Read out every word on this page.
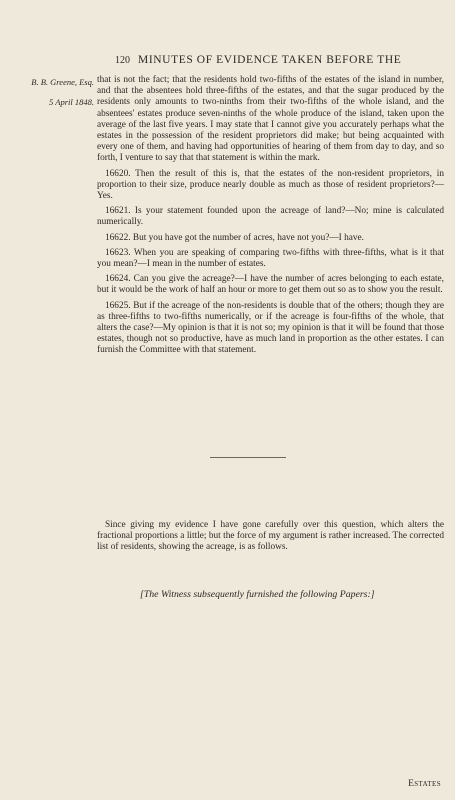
120 MINUTES OF EVIDENCE TAKEN BEFORE THE
B. B. Greene, Esq.
5 April 1848.

that is not the fact; that the residents hold two-fifths of the estates of the island in number, and that the absentees hold three-fifths of the estates, and that the sugar produced by the residents only amounts to two-ninths from their two-fifths of the whole island, and the absentees' estates produce seven-ninths of the whole produce of the island, taken upon the average of the last five years. I may state that I cannot give you accurately perhaps what the estates in the possession of the resident proprietors did make; but being acquainted with every one of them, and having had opportunities of hearing of them from day to day, and so forth, I venture to say that that statement is within the mark.

16620. Then the result of this is, that the estates of the non-resident proprietors, in proportion to their size, produce nearly double as much as those of resident proprietors?—Yes.

16621. Is your statement founded upon the acreage of land?—No; mine is calculated numerically.

16622. But you have got the number of acres, have not you?—I have.

16623. When you are speaking of comparing two-fifths with three-fifths, what is it that you mean?—I mean in the number of estates.

16624. Can you give the acreage?—I have the number of acres belonging to each estate, but it would be the work of half an hour or more to get them out so as to show you the result.

16625. But if the acreage of the non-residents is double that of the others; though they are as three-fifths to two-fifths numerically, or if the acreage is four-fifths of the whole, that alters the case?—My opinion is that it is not so; my opinion is that it will be found that those estates, though not so productive, have as much land in proportion as the other estates. I can furnish the Committee with that statement.

Since giving my evidence I have gone carefully over this question, which alters the fractional proportions a little; but the force of my argument is rather increased. The corrected list of residents, showing the acreage, is as follows.
[The Witness subsequently furnished the following Papers:]
Estates
